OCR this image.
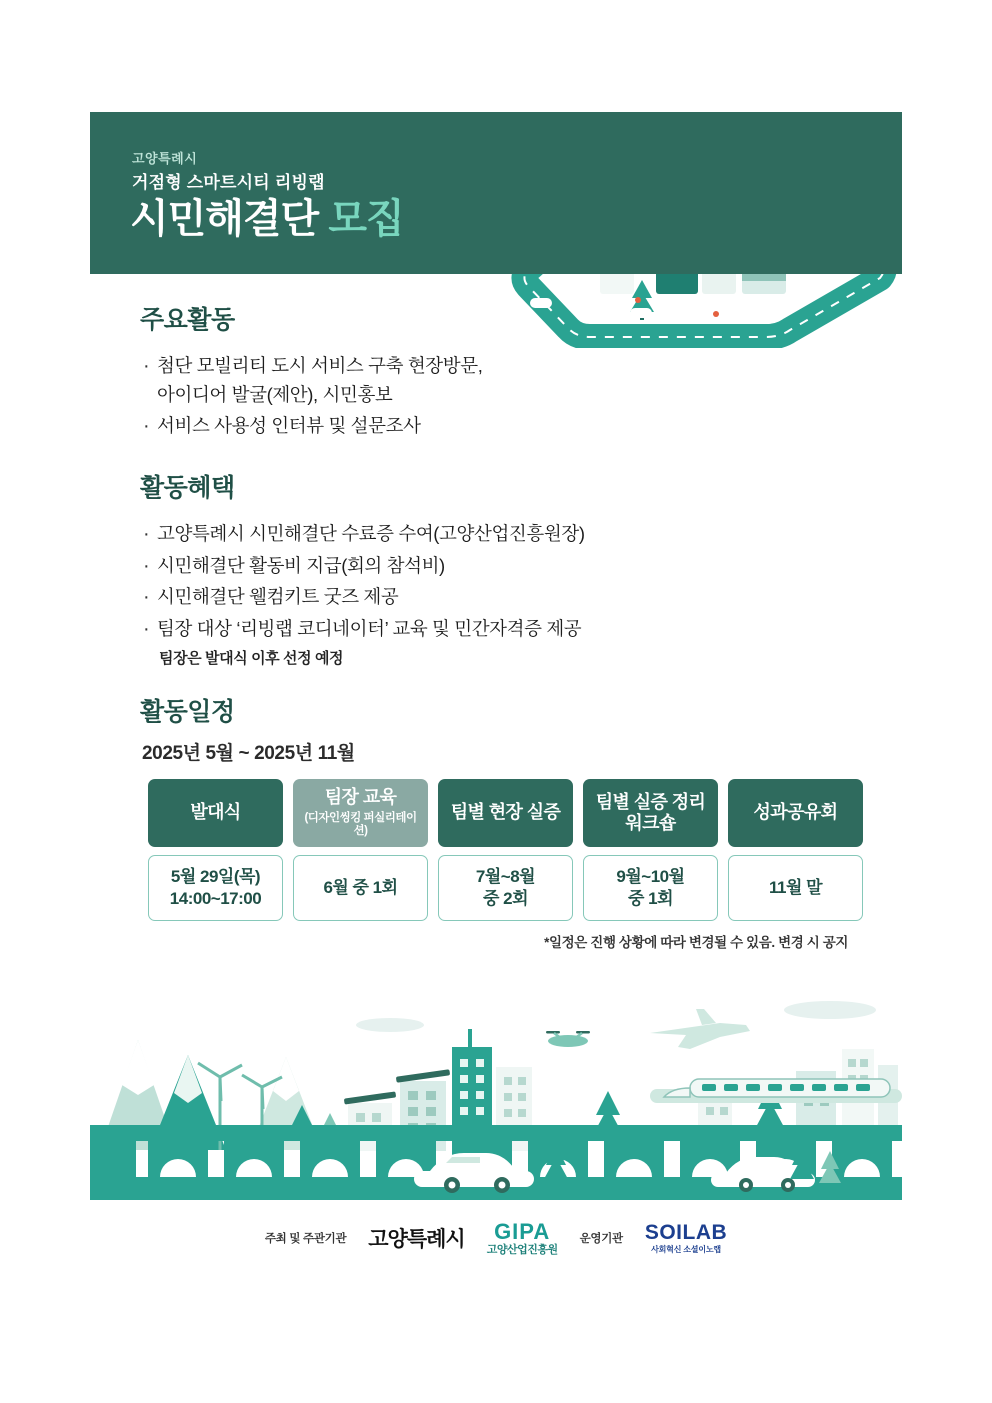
고양특례시
거점형 스마트시티 리빙랩
시민해결단 모집
주요활동
· 첨단 모빌리티 도시 서비스 구축 현장방문,
아이디어 발굴(제안), 시민홍보
· 서비스 사용성 인터뷰 및 설문조사
활동혜택
· 고양특례시 시민해결단 수료증 수여(고양산업진흥원장)
· 시민해결단 활동비 지급(회의 참석비)
· 시민해결단 웰컴키트 굿즈 제공
· 팀장 대상 ‘리빙랩 코디네이터’ 교육 및 민간자격증 제공
팀장은 발대식 이후 선정 예정
활동일정
2025년 5월 ~ 2025년 11월
발대식
5월 29일(목)
14:00~17:00
팀장 교육
(디자인씽킹 퍼실리테이션)
6월 중 1회
팀별 현장 실증
7월~8월
중 2회
팀별 실증 정리 워크숍
9월~10월
중 1회
성과공유회
11월 말
*일정은 진행 상황에 따라 변경될 수 있음. 변경 시 공지
주최 및 주관기관 고양특례시 GIPA
고양산업진흥원
운영기관 SOILAB
사회혁신 소셜이노랩
